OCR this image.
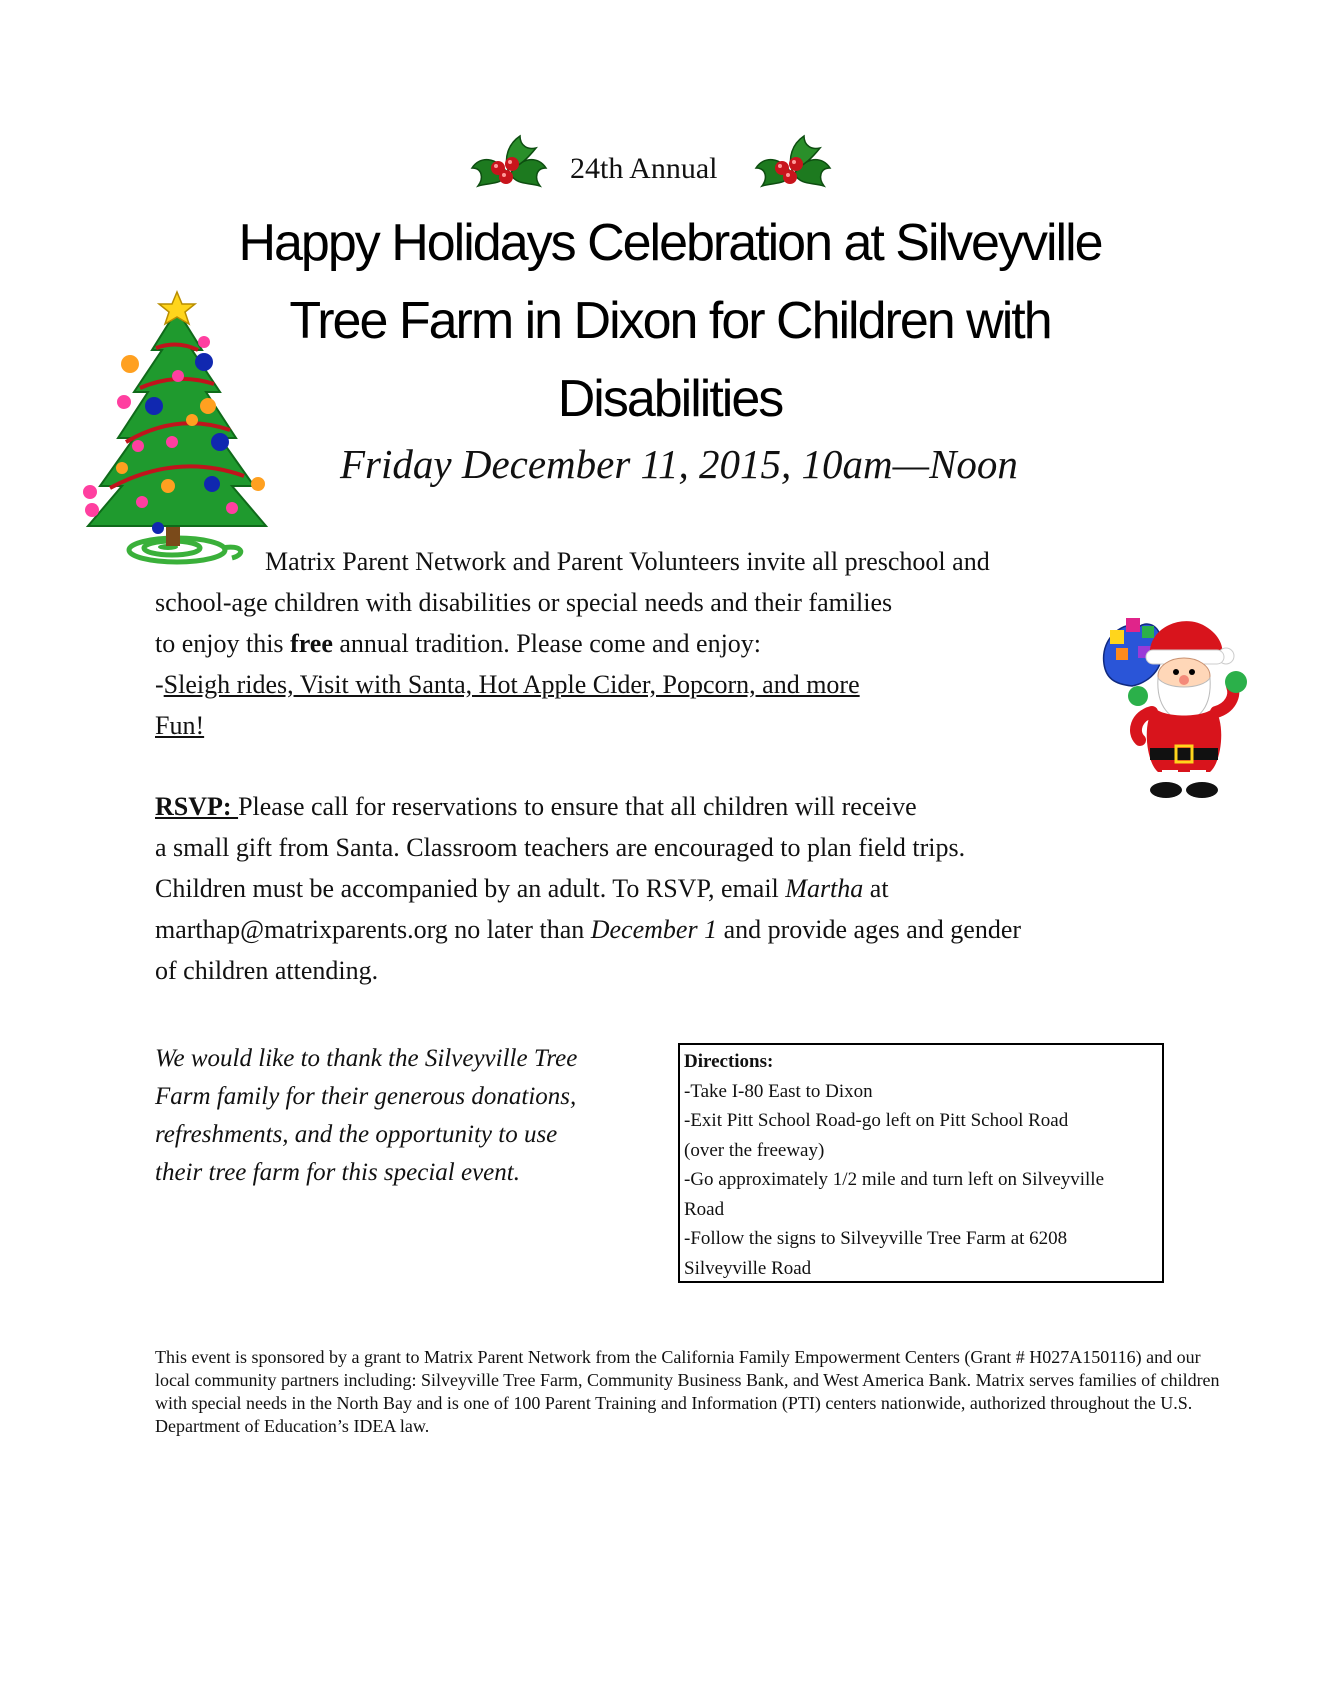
24th Annual
Happy Holidays Celebration at Silveyville
Tree Farm in Dixon for Children with
Disabilities
Friday December 11, 2015, 10am—Noon
Matrix Parent Network and Parent Volunteers invite all preschool and
school-age children with disabilities or special needs and their families
to enjoy this free annual tradition. Please come and enjoy:
-Sleigh rides, Visit with Santa, Hot Apple Cider, Popcorn, and more
Fun!
RSVP: Please call for reservations to ensure that all children will receive
a small gift from Santa. Classroom teachers are encouraged to plan field trips.
Children must be accompanied by an adult. To RSVP, email Martha at
marthap@matrixparents.org no later than December 1 and provide ages and gender
of children attending.
We would like to thank the Silveyville Tree
Farm family for their generous donations,
refreshments, and the opportunity to use
their tree farm for this special event.
Directions:
-Take I-80 East to Dixon
-Exit Pitt School Road-go left on Pitt School Road
(over the freeway)
-Go approximately 1/2 mile and turn left on Silveyville
Road
-Follow the signs to Silveyville Tree Farm at 6208
Silveyville Road
This event is sponsored by a grant to Matrix Parent Network from the California Family Empowerment Centers (Grant # H027A150116) and our local community partners including: Silveyville Tree Farm, Community Business Bank, and West America Bank. Matrix serves families of children with special needs in the North Bay and is one of 100 Parent Training and Information (PTI) centers nationwide, authorized throughout the U.S. Department of Education’s IDEA law.
